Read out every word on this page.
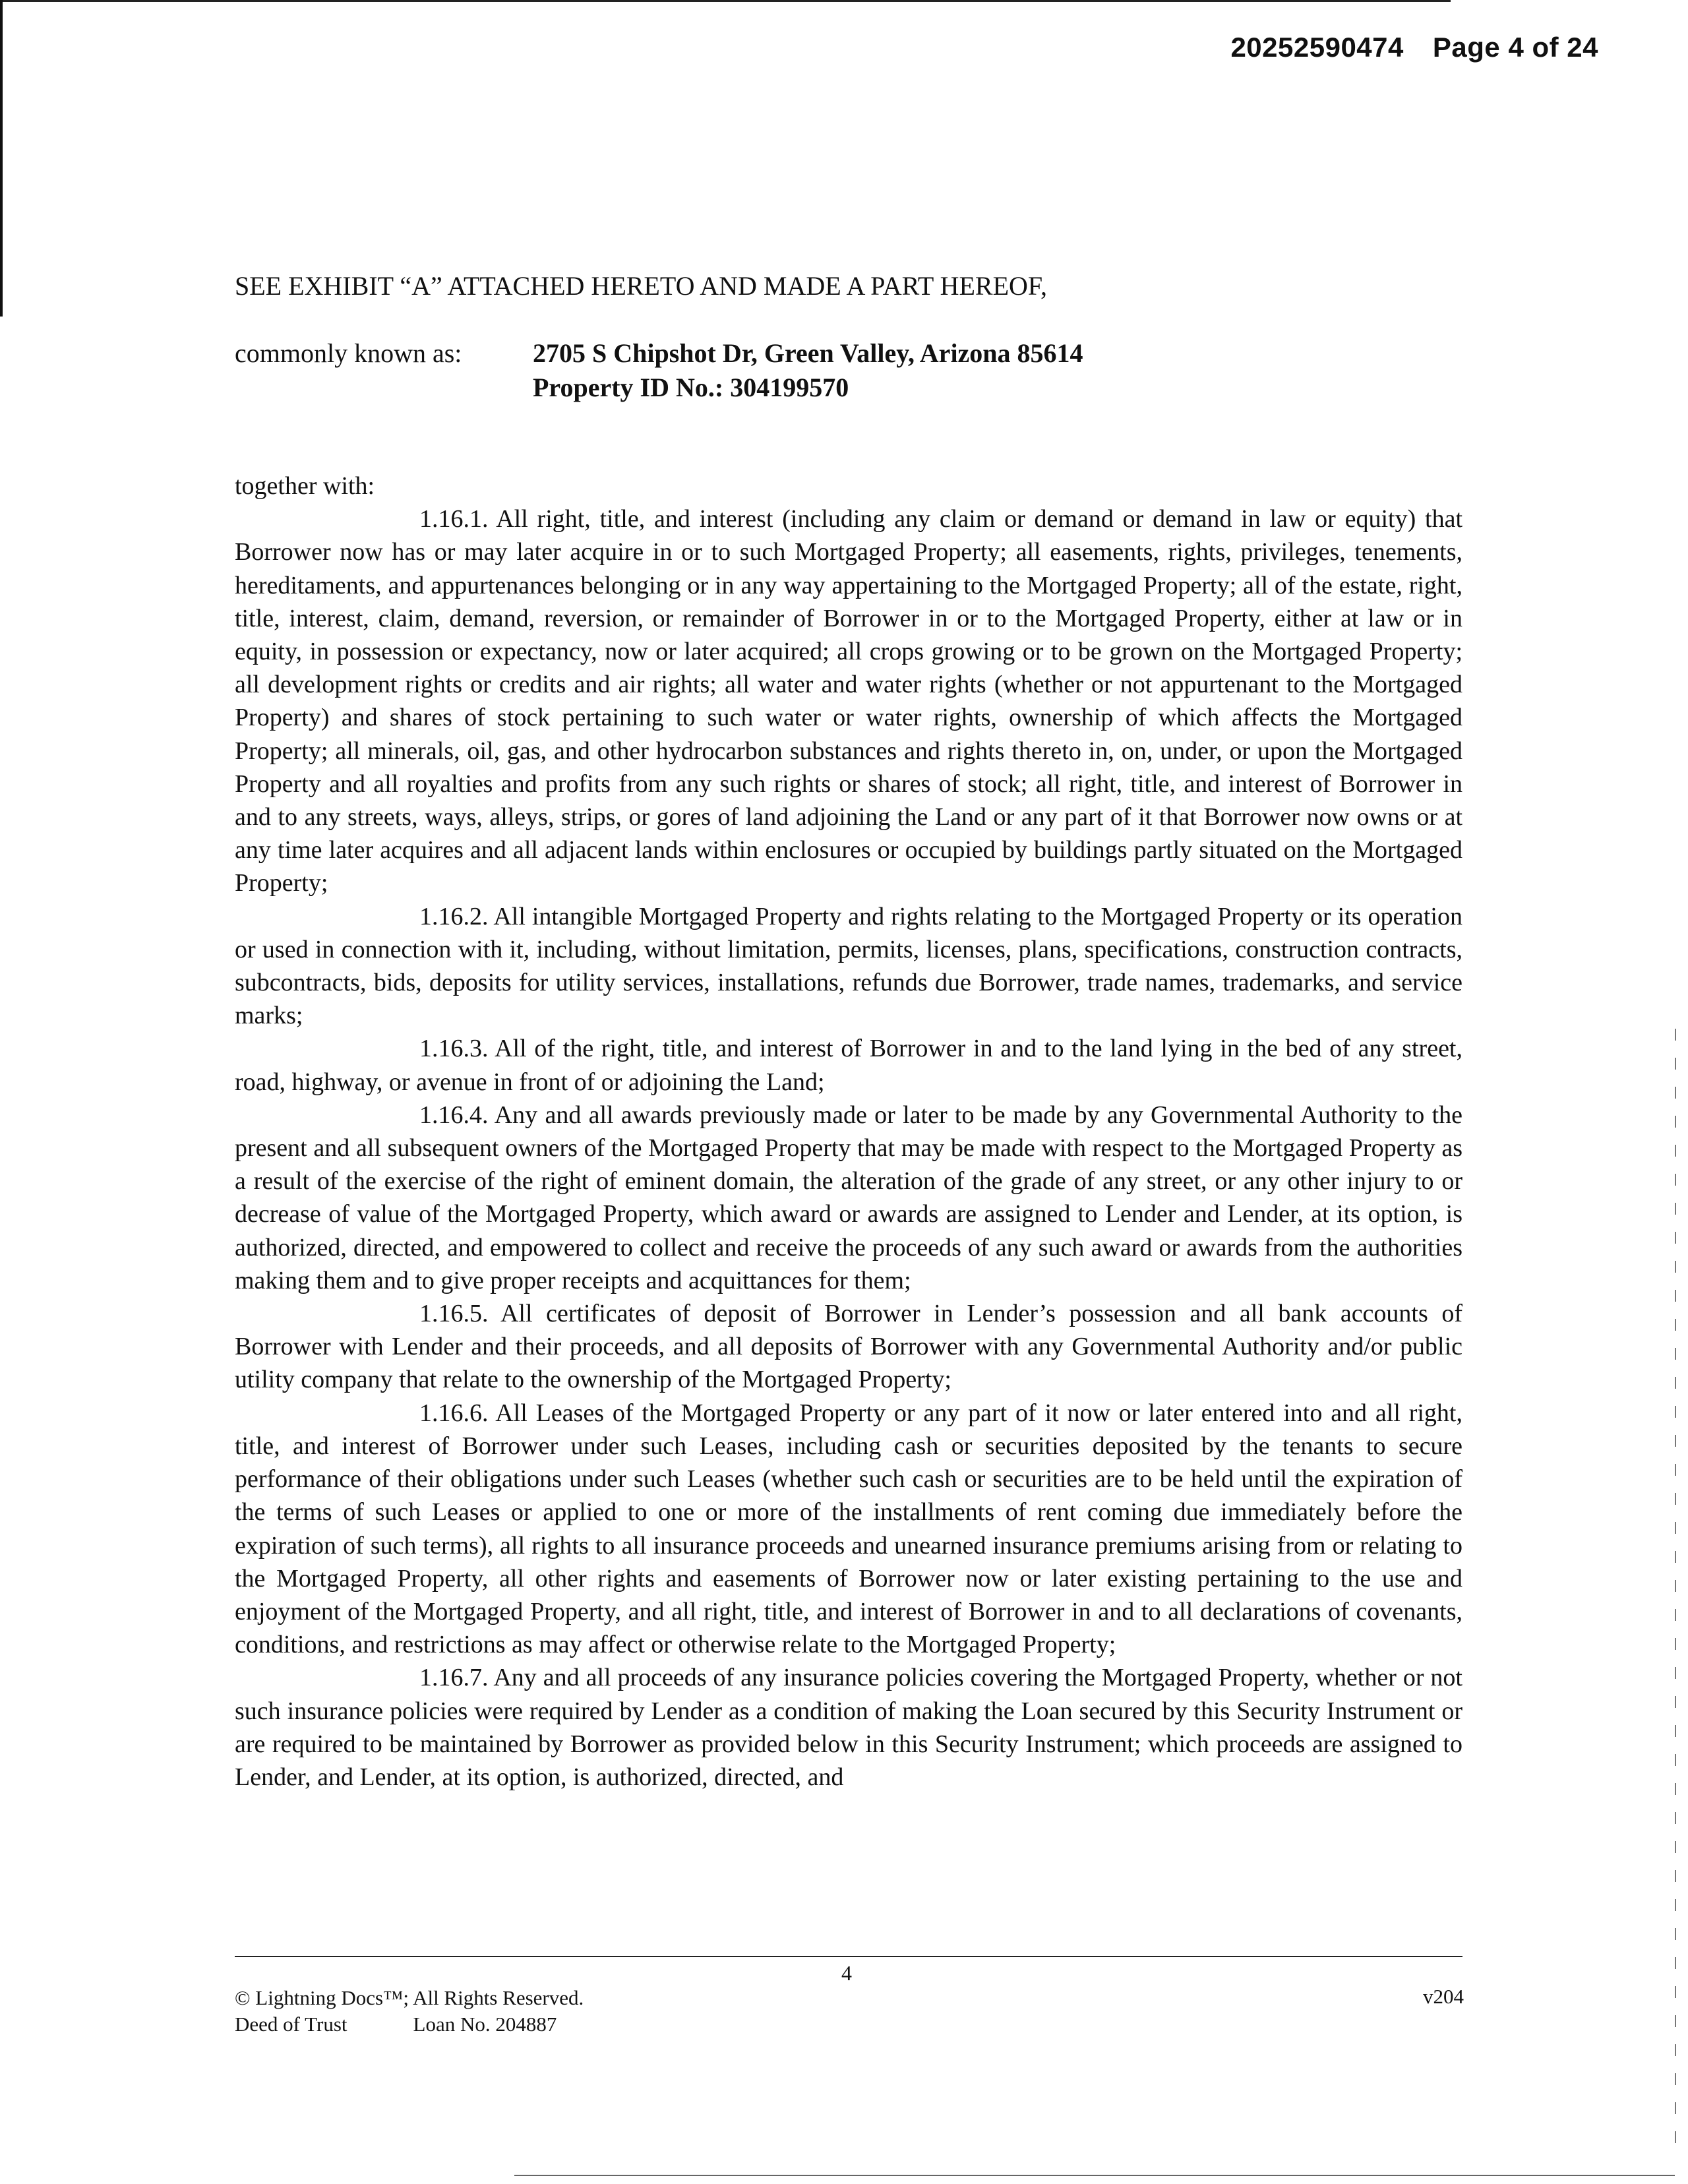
20252590474 Page 4 of 24
SEE EXHIBIT “A” ATTACHED HERETO AND MADE A PART HEREOF,
commonly known as:	2705 S Chipshot Dr, Green Valley, Arizona 85614
Property ID No.: 304199570

together with:

1.16.1. All right, title, and interest (including any claim or demand or demand in law or equity) that Borrower now has or may later acquire in or to such Mortgaged Property; all easements, rights, privileges, tenements, hereditaments, and appurtenances belonging or in any way appertaining to the Mortgaged Property; all of the estate, right, title, interest, claim, demand, reversion, or remainder of Borrower in or to the Mortgaged Property, either at law or in equity, in possession or expectancy, now or later acquired; all crops growing or to be grown on the Mortgaged Property; all development rights or credits and air rights; all water and water rights (whether or not appurtenant to the Mortgaged Property) and shares of stock pertaining to such water or water rights, ownership of which affects the Mortgaged Property; all minerals, oil, gas, and other hydrocarbon substances and rights thereto in, on, under, or upon the Mortgaged Property and all royalties and profits from any such rights or shares of stock; all right, title, and interest of Borrower in and to any streets, ways, alleys, strips, or gores of land adjoining the Land or any part of it that Borrower now owns or at any time later acquires and all adjacent lands within enclosures or occupied by buildings partly situated on the Mortgaged Property;

1.16.2. All intangible Mortgaged Property and rights relating to the Mortgaged Property or its operation or used in connection with it, including, without limitation, permits, licenses, plans, specifications, construction contracts, subcontracts, bids, deposits for utility services, installations, refunds due Borrower, trade names, trademarks, and service marks;

1.16.3. All of the right, title, and interest of Borrower in and to the land lying in the bed of any street, road, highway, or avenue in front of or adjoining the Land;

1.16.4. Any and all awards previously made or later to be made by any Governmental Authority to the present and all subsequent owners of the Mortgaged Property that may be made with respect to the Mortgaged Property as a result of the exercise of the right of eminent domain, the alteration of the grade of any street, or any other injury to or decrease of value of the Mortgaged Property, which award or awards are assigned to Lender and Lender, at its option, is authorized, directed, and empowered to collect and receive the proceeds of any such award or awards from the authorities making them and to give proper receipts and acquittances for them;

1.16.5. All certificates of deposit of Borrower in Lender’s possession and all bank accounts of Borrower with Lender and their proceeds, and all deposits of Borrower with any Governmental Authority and/or public utility company that relate to the ownership of the Mortgaged Property;

1.16.6. All Leases of the Mortgaged Property or any part of it now or later entered into and all right, title, and interest of Borrower under such Leases, including cash or securities deposited by the tenants to secure performance of their obligations under such Leases (whether such cash or securities are to be held until the expiration of the terms of such Leases or applied to one or more of the installments of rent coming due immediately before the expiration of such terms), all rights to all insurance proceeds and unearned insurance premiums arising from or relating to the Mortgaged Property, all other rights and easements of Borrower now or later existing pertaining to the use and enjoyment of the Mortgaged Property, and all right, title, and interest of Borrower in and to all declarations of covenants, conditions, and restrictions as may affect or otherwise relate to the Mortgaged Property;

1.16.7. Any and all proceeds of any insurance policies covering the Mortgaged Property, whether or not such insurance policies were required by Lender as a condition of making the Loan secured by this Security Instrument or are required to be maintained by Borrower as provided below in this Security Instrument; which proceeds are assigned to Lender, and Lender, at its option, is authorized, directed, and

4
© Lightning Docs™; All Rights Reserved.
Deed of Trust	Loan No. 204887
v204
